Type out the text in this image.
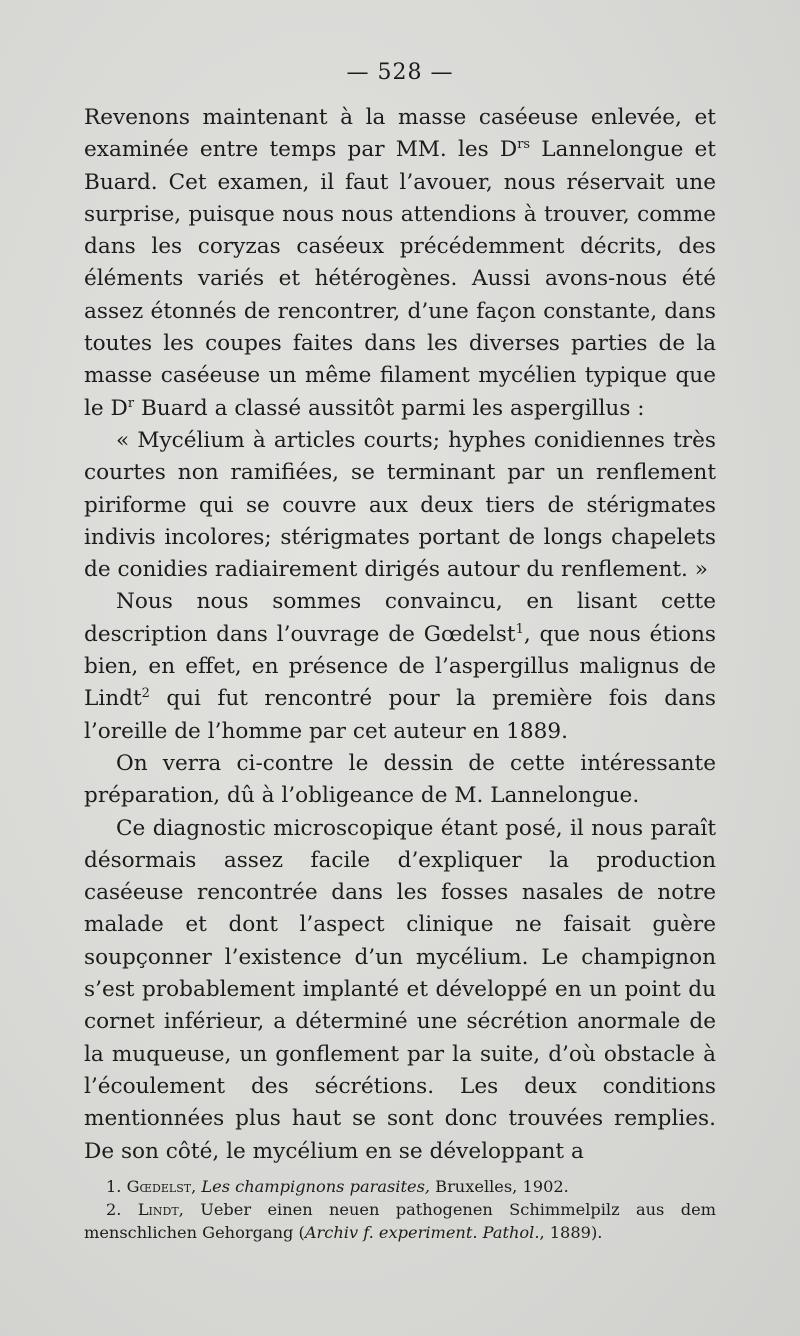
— 528 —

Revenons maintenant à la masse caséeuse enlevée, et examinée entre temps par MM. les $D^{rs}$ Lannelongue et Buard. Cet examen, il faut l’avouer, nous réservait une surprise, puisque nous nous attendions à trouver, comme dans les coryzas caséeux précédemment décrits, des éléments variés et hétérogènes. Aussi avons-nous été assez étonnés de rencontrer, d’une façon constante, dans toutes les coupes faites dans les diverses parties de la masse caséeuse un même filament mycélien typique que le $D^r$ Buard a classé aussitôt parmi les aspergillus :

« Mycélium à articles courts; hyphes conidiennes très courtes non ramifiées, se terminant par un renflement piriforme qui se couvre aux deux tiers de stérigmates indivis incolores; stérigmates portant de longs chapelets de conidies radiairement dirigés autour du renflement. »

Nous nous sommes convaincu, en lisant cette description dans l’ouvrage de Gœdelst$^1$, que nous étions bien, en effet, en présence de l’aspergillus malignus de Lindt$^2$ qui fut rencontré pour la première fois dans l’oreille de l’homme par cet auteur en 1889.

On verra ci-contre le dessin de cette intéressante préparation, dû à l’obligeance de M. Lannelongue.

Ce diagnostic microscopique étant posé, il nous paraît désormais assez facile d’expliquer la production caséeuse rencontrée dans les fosses nasales de notre malade et dont l’aspect clinique ne faisait guère soupçonner l’existence d’un mycélium. Le champignon s’est probablement implanté et développé en un point du cornet inférieur, a déterminé une sécrétion anormale de la muqueuse, un gonflement par la suite, d’où obstacle à l’écoulement des sécrétions. Les deux conditions mentionnées plus haut se sont donc trouvées remplies. De son côté, le mycélium en se développant a

1. Gœdelst, Les champignons parasites, Bruxelles, 1902.

2. Lindt, Ueber einen neuen pathogenen Schimmelpilz aus dem menschlichen Gehorgang (Archiv f. experiment. Pathol., 1889).
